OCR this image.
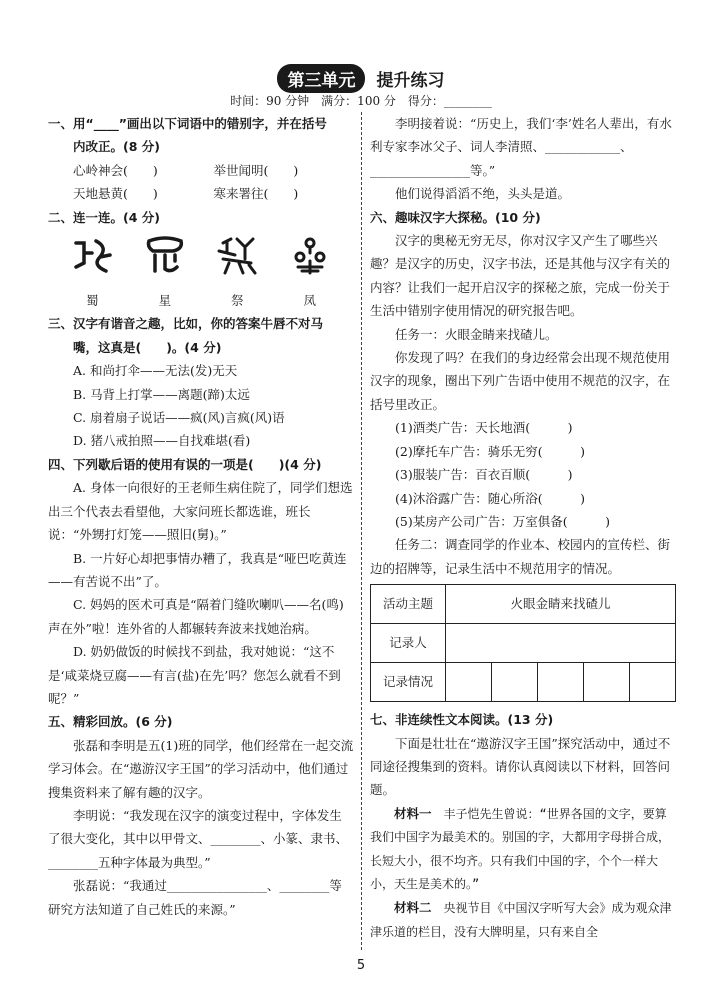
第三单元 提升练习
时间：90 分钟　满分：100 分　得分：________
一、用“____”画出以下词语中的错别字，并在括号
内改正。(8 分)
心岭神会(　　)	举世闻明(　　)
天地悬黄(　　)	寒来署往(　　)
二、连一连。(4 分)
蜀	星	祭	凤
三、汉字有谐音之趣，比如，你的答案牛唇不对马
嘴，这真是(　　)。(4 分)
A. 和尚打伞——无法(发)无天
B. 马背上打掌——离题(蹄)太远
C. 扇着扇子说话——疯(风)言疯(风)语
D. 猪八戒拍照——自找难堪(看)
四、下列歇后语的使用有误的一项是(　　)(4 分)
A. 身体一向很好的王老师生病住院了，同学们想选出三个代表去看望他，大家问班长都选谁，班长说：“外甥打灯笼——照旧(舅)。”
B. 一片好心却把事情办糟了，我真是“哑巴吃黄连——有苦说不出”了。
C. 妈妈的医术可真是“隔着门缝吹喇叭——名(鸣)声在外”啦！连外省的人都辗转奔波来找她治病。
D. 奶奶做饭的时候找不到盐，我对她说：“这不是‘咸菜烧豆腐——有言(盐)在先’吗？您怎么就看不到呢？”
五、精彩回放。(6 分)
张磊和李明是五(1)班的同学，他们经常在一起交流学习体会。在“遨游汉字王国”的学习活动中，他们通过搜集资料来了解有趣的汉字。
李明说：“我发现在汉字的演变过程中，字体发生了很大变化，其中以甲骨文、________、小篆、隶书、________五种字体最为典型。”
张磊说：“我通过________________、________等研究方法知道了自己姓氏的来源。”
李明接着说：“历史上，我们‘李’姓名人辈出，有水利专家李冰父子、词人李清照、____________、________________等。”
他们说得滔滔不绝，头头是道。
六、趣味汉字大探秘。(10 分)
汉字的奥秘无穷无尽，你对汉字又产生了哪些兴趣？是汉字的历史，汉字书法，还是其他与汉字有关的内容？让我们一起开启汉字的探秘之旅，完成一份关于生活中错别字使用情况的研究报告吧。
任务一：火眼金睛来找碴儿。
你发现了吗？在我们的身边经常会出现不规范使用汉字的现象，圈出下列广告语中使用不规范的汉字，在括号里改正。
(1)酒类广告：天长地酒(　　　)
(2)摩托车广告：骑乐无穷(　　　)
(3)服装广告：百衣百顺(　　　)
(4)沐浴露广告：随心所浴(　　　)
(5)某房产公司广告：万室俱备(　　　)
任务二：调查同学的作业本、校园内的宣传栏、街边的招牌等，记录生活中不规范用字的情况。
活动主题	火眼金睛来找碴儿				
记录人					
记录情况					
七、非连续性文本阅读。(13 分)
下面是壮壮在“遨游汉字王国”探究活动中，通过不同途径搜集到的资料。请你认真阅读以下材料，回答问题。
材料一　 丰子恺先生曾说：“世界各国的文字，要算我们中国字为最美术的。别国的字，大都用字母拼合成，长短大小，很不均齐。只有我们中国的字，个个一样大小，天生是美术的。”
材料二　 央视节目《中国汉字听写大会》成为观众津津乐道的栏目，没有大牌明星，只有来自全
5
